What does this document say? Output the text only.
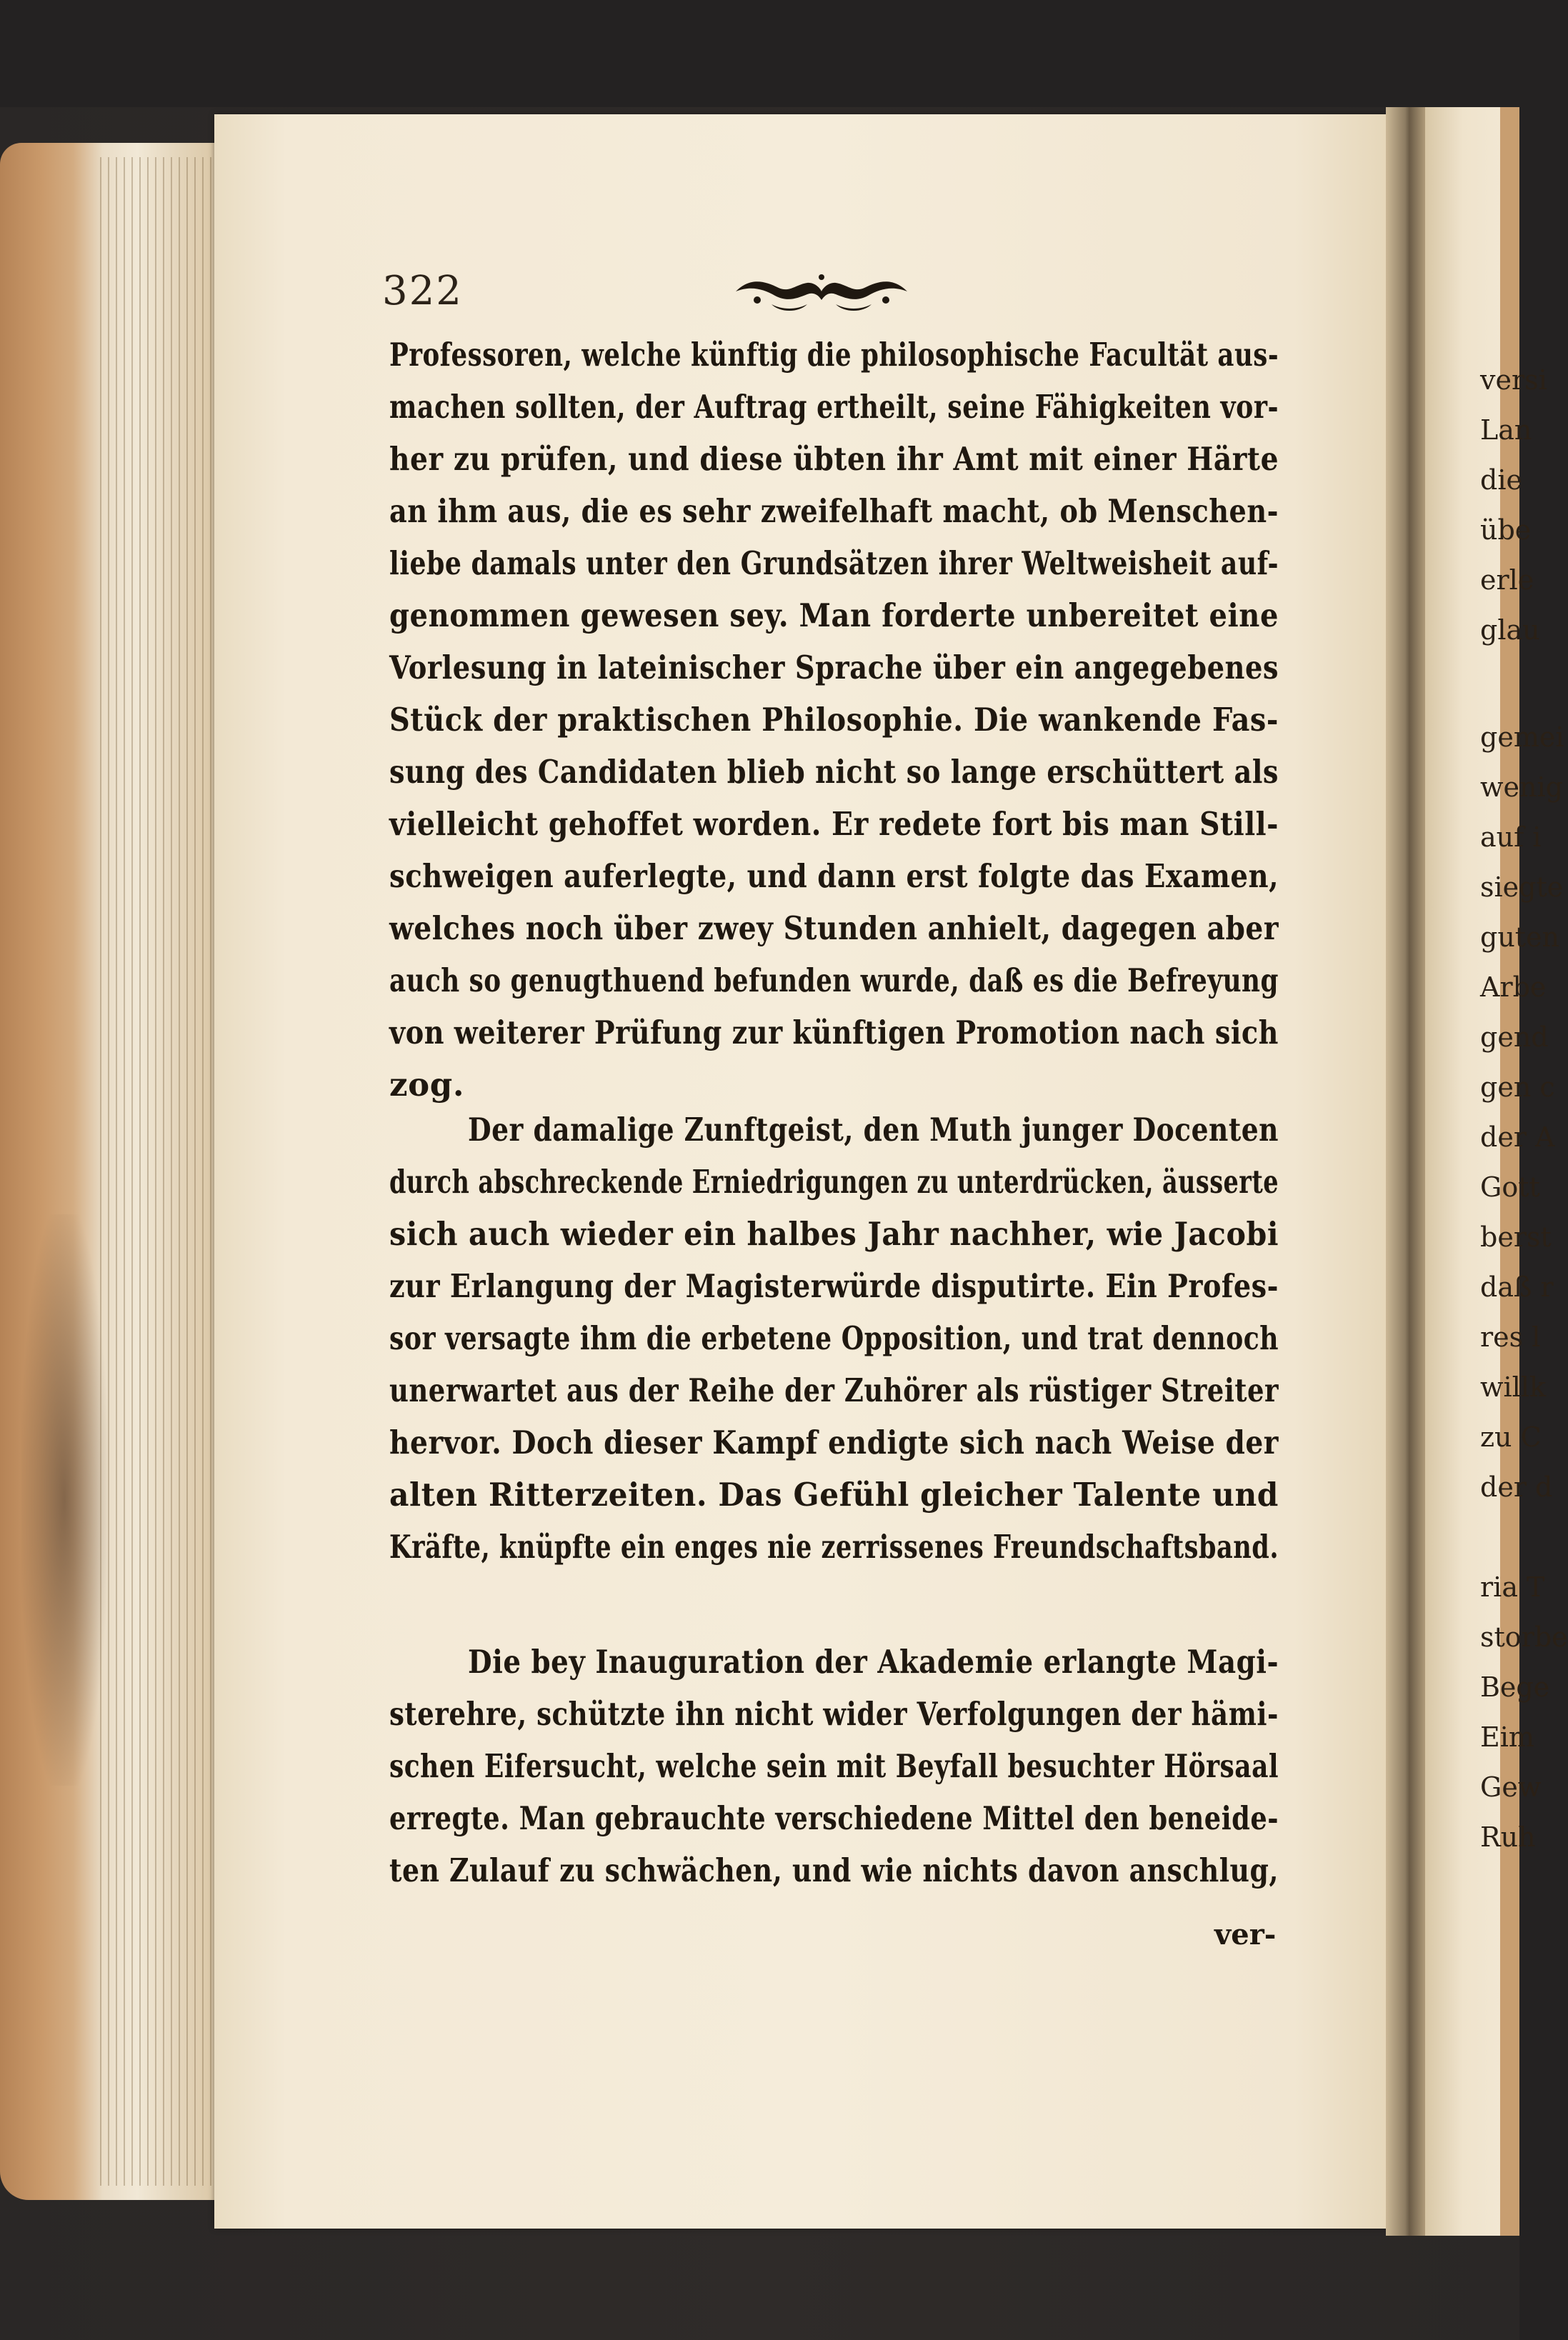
322
Professoren, welche künftig die philosophische Facultät aus-
machen sollten, der Auftrag ertheilt, seine Fähigkeiten vor-
her zu prüfen, und diese übten ihr Amt mit einer Härte
an ihm aus, die es sehr zweifelhaft macht, ob Menschen-
liebe damals unter den Grundsätzen ihrer Weltweisheit auf-
genommen gewesen sey. Man forderte unbereitet eine
Vorlesung in lateinischer Sprache über ein angegebenes
Stück der praktischen Philosophie. Die wankende Fas-
sung des Candidaten blieb nicht so lange erschüttert als
vielleicht gehoffet worden. Er redete fort bis man Still-
schweigen auferlegte, und dann erst folgte das Examen,
welches noch über zwey Stunden anhielt, dagegen aber
auch so genugthuend befunden wurde, daß es die Befreyung
von weiterer Prüfung zur künftigen Promotion nach sich
zog.
Der damalige Zunftgeist, den Muth junger Docenten
durch abschreckende Erniedrigungen zu unterdrücken, äusserte
sich auch wieder ein halbes Jahr nachher, wie Jacobi
zur Erlangung der Magisterwürde disputirte. Ein Profes-
sor versagte ihm die erbetene Opposition, und trat dennoch
unerwartet aus der Reihe der Zuhörer als rüstiger Streiter
hervor. Doch dieser Kampf endigte sich nach Weise der
alten Ritterzeiten. Das Gefühl gleicher Talente und
Kräfte, knüpfte ein enges nie zerrissenes Freundschaftsband.
Die bey Inauguration der Akademie erlangte Magi-
sterehre, schützte ihn nicht wider Verfolgungen der hämi-
schen Eifersucht, welche sein mit Beyfall besuchter Hörsaal
erregte. Man gebrauchte verschiedene Mittel den beneide-
ten Zulauf zu schwächen, und wie nichts davon anschlug,
ver-
versi
Lan
die
übe
erle
glau
gemei
wenig
auf i
siegte
guten
Arbe
gend
gen c
der A
Gott
berst
daß r
res l
willk
zu C
der d
ria T
storbe
Bege
Eim
Gew
Ruh
